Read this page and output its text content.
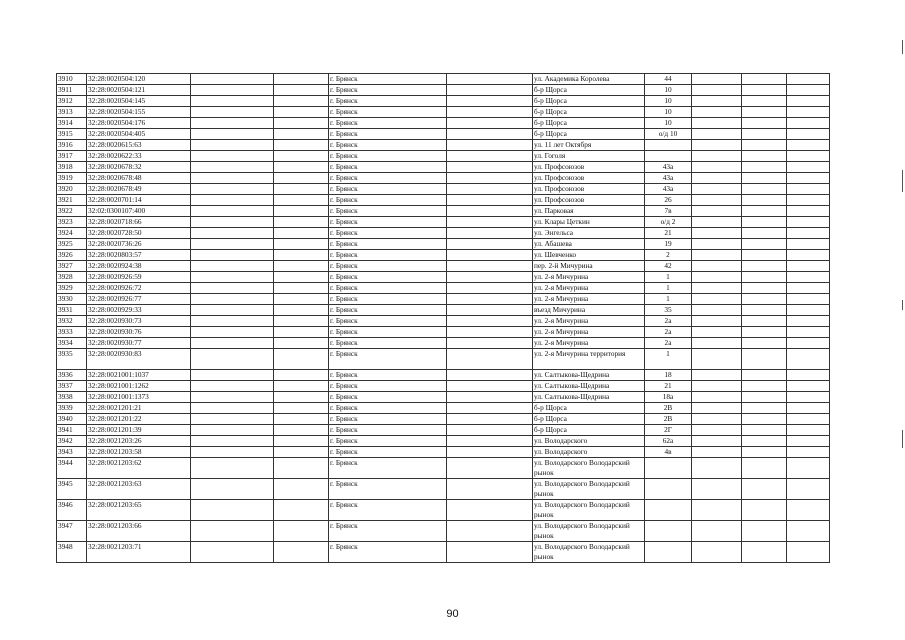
3910	32:28:0020504:120			г. Брянск		ул. Академика Королева	44			
3911	32:28:0020504:121			г. Брянск		б-р Щорса	10			
3912	32:28:0020504:145			г. Брянск		б-р Щорса	10			
3913	32:28:0020504:155			г. Брянск		б-р Щорса	10			
3914	32:28:0020504:176			г. Брянск		б-р Щорса	10			
3915	32:28:0020504:405			г. Брянск		б-р Щорса	о/д 10			
3916	32:28:0020615:63			г. Брянск		ул. 11 лет Октября				
3917	32:28:0020622:33			г. Брянск		ул. Гоголя				
3918	32:28:0020678:32			г. Брянск		ул. Профсоюзов	43а			
3919	32:28:0020678:48			г. Брянск		ул. Профсоюзов	43а			
3920	32:28:0020678:49			г. Брянск		ул. Профсоюзов	43а			
3921	32:28:0020701:14			г. Брянск		ул. Профсоюзов	26			
3922	32:02:0300107:400			г. Брянск		ул. Парковая	7в			
3923	32:28:0020718:66			г. Брянск		ул. Клары Цеткин	о/д 2			
3924	32:28:0020728:50			г. Брянск		ул. Энгельса	21			
3925	32:28:0020736:26			г. Брянск		ул. Абашева	19			
3926	32:28:0020803:57			г. Брянск		ул. Шевченко	2			
3927	32:28:0020924:38			г. Брянск		пер. 2-й Мичурина	42			
3928	32:28:0020926:59			г. Брянск		ул. 2-я Мичурина	1			
3929	32:28:0020926:72			г. Брянск		ул. 2-я Мичурина	1			
3930	32:28:0020926:77			г. Брянск		ул. 2-я Мичурина	1			
3931	32:28:0020929:33			г. Брянск		въезд Мичурина	35			
3932	32:28:0020930:73			г. Брянск		ул. 2-я Мичурина	2а			
3933	32:28:0020930:76			г. Брянск		ул. 2-я Мичурина	2а			
3934	32:28:0020930:77			г. Брянск		ул. 2-я Мичурина	2а			
3935	32:28:0020930:83			г. Брянск		ул. 2-я Мичурина территория	1			
3936	32:28:0021001:1037			г. Брянск		ул. Салтыкова-Щедрина	18			
3937	32:28:0021001:1262			г. Брянск		ул. Салтыкова-Щедрина	21			
3938	32:28:0021001:1373			г. Брянск		ул. Салтыкова-Щедрина	18а			
3939	32:28:0021201:21			г. Брянск		б-р Щорса	2В			
3940	32:28:0021201:22			г. Брянск		б-р Щорса	2В			
3941	32:28:0021201:39			г. Брянск		б-р Щорса	2Г			
3942	32:28:0021203:26			г. Брянск		ул. Володарского	62а			
3943	32:28:0021203:58			г. Брянск		ул. Володарского	4в			
3944	32:28:0021203:62			г. Брянск		ул. Володарского Володарский рынок				
3945	32:28:0021203:63			г. Брянск		ул. Володарского Володарский рынок				
3946	32:28:0021203:65			г. Брянск		ул. Володарского Володарский рынок				
3947	32:28:0021203:66			г. Брянск		ул. Володарского Володарский рынок				
3948	32:28:0021203:71			г. Брянск		ул. Володарского Володарский рынок				
90
